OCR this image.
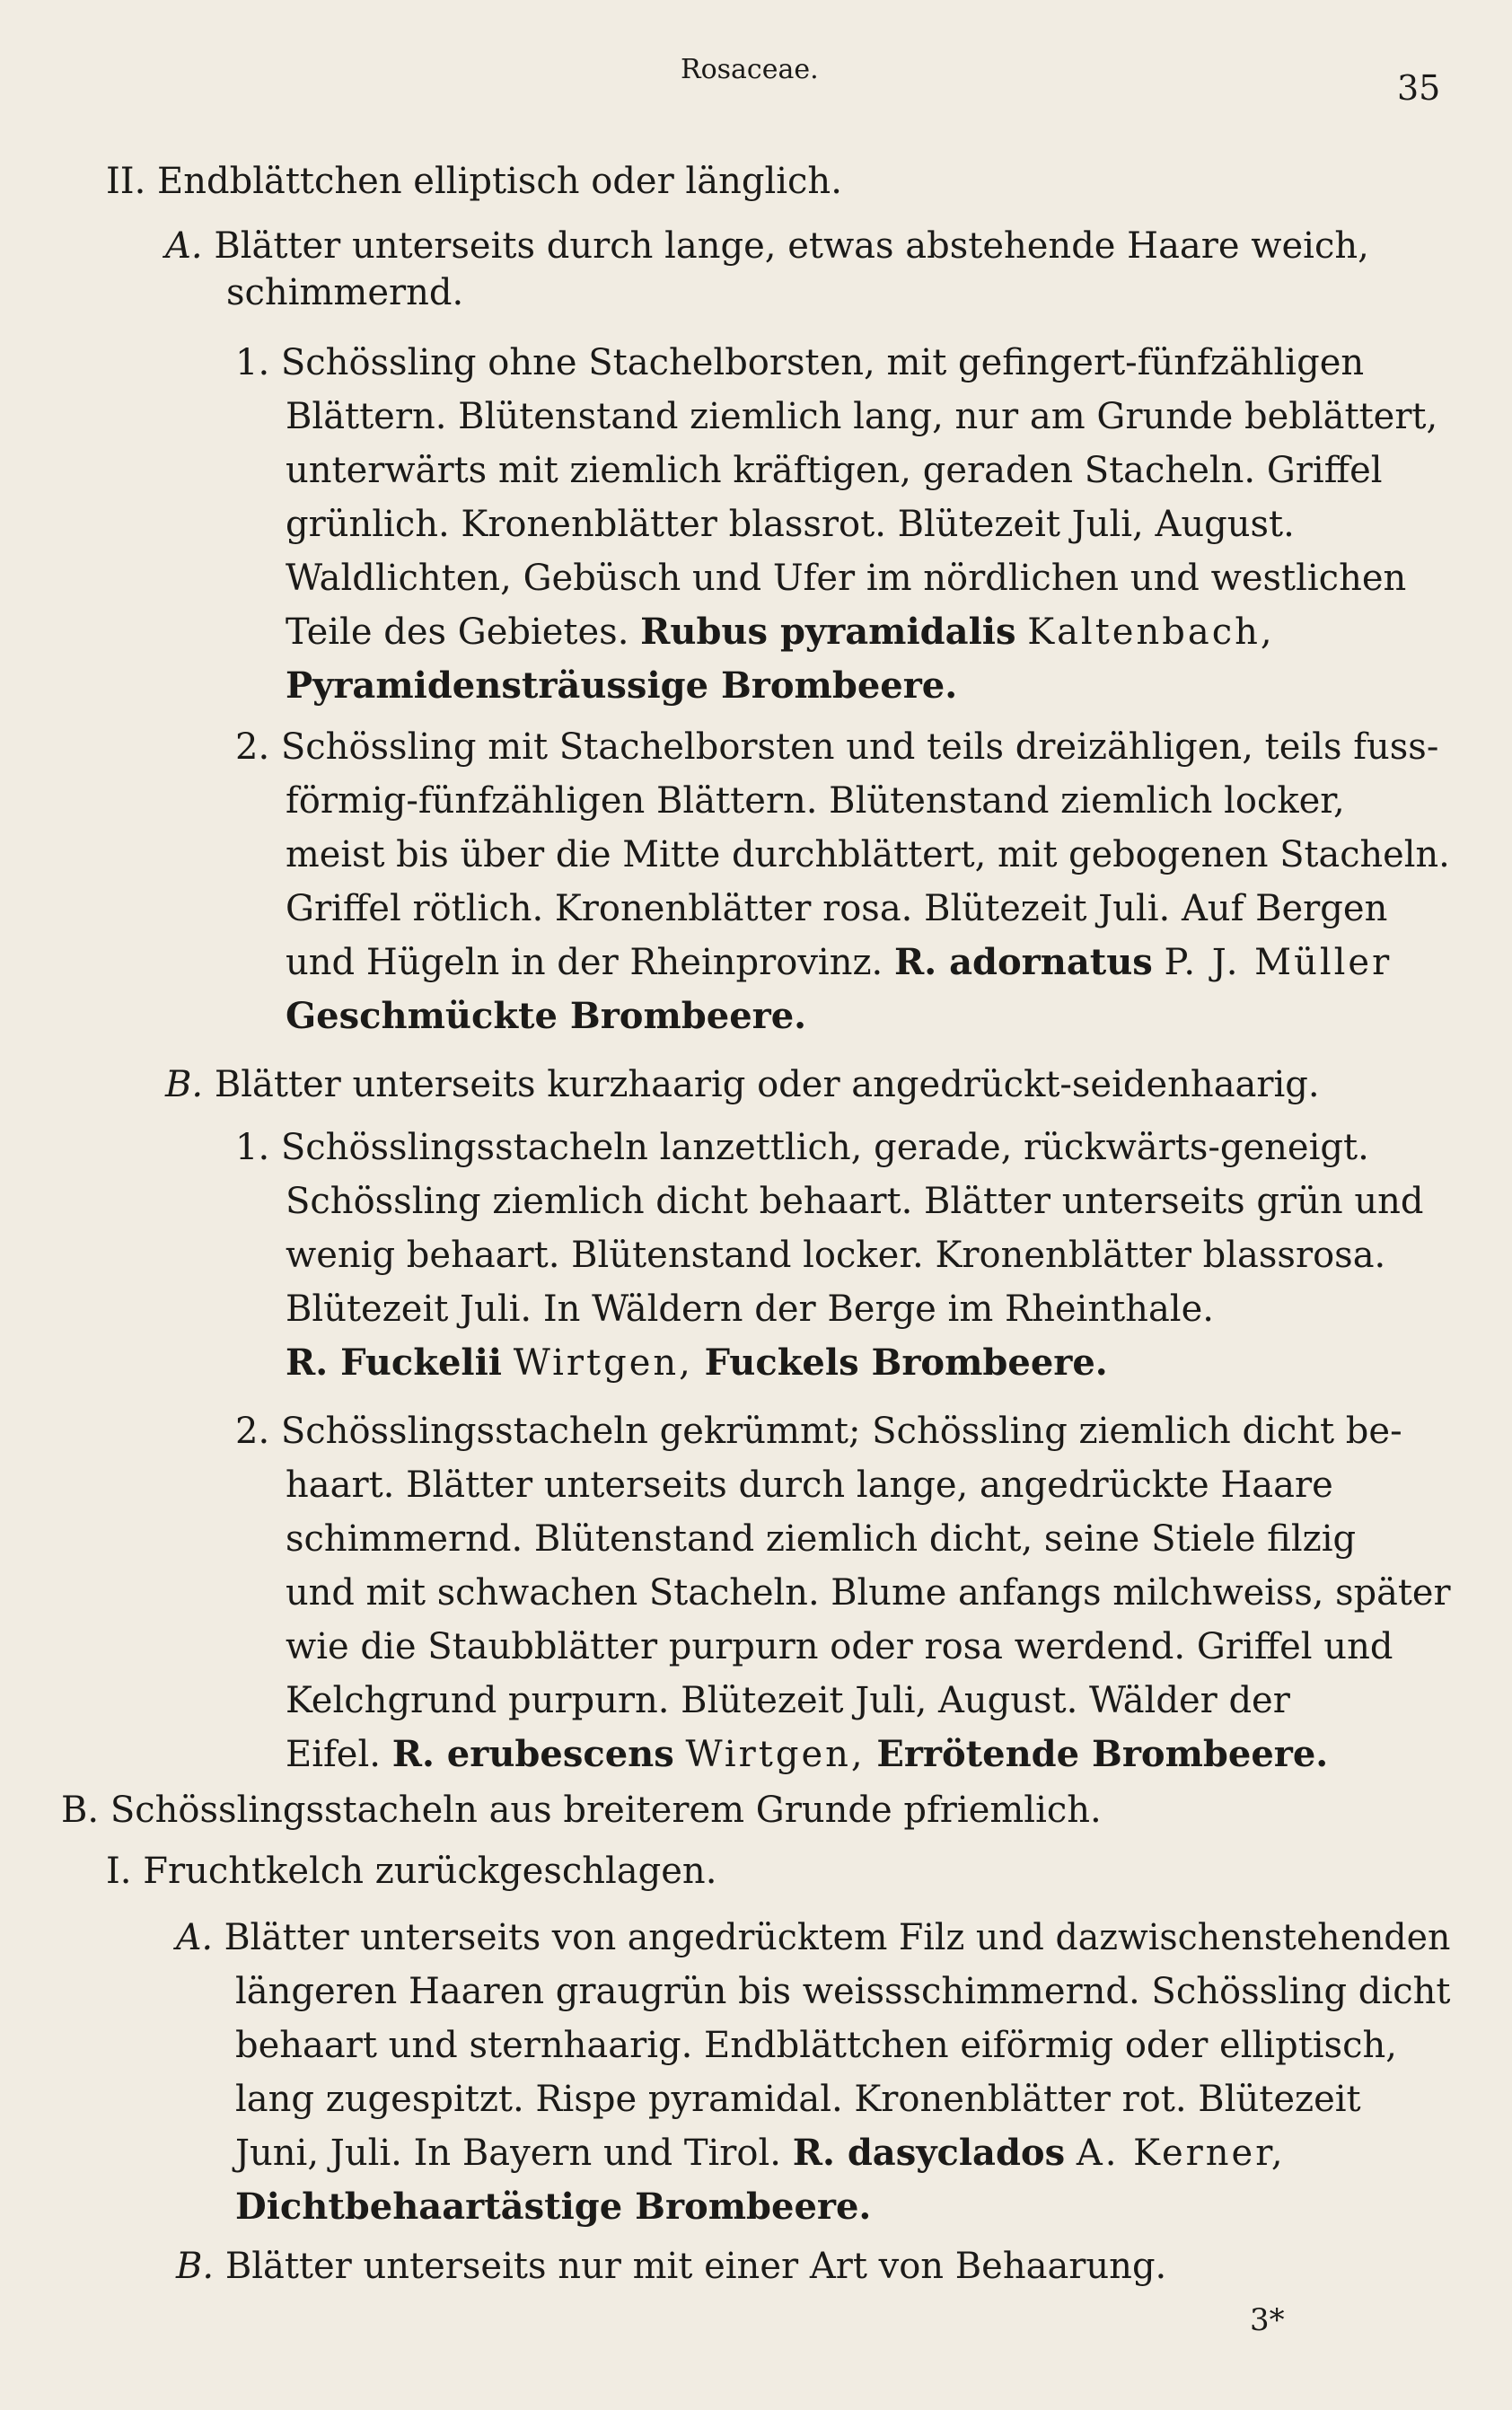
Rosaceae.	35
II. Endblättchen elliptisch oder länglich.
A. Blätter unterseits durch lange, etwas abstehende Haare weich,
schimmernd.
1. Schössling ohne Stachelborsten, mit gefingert-fünfzähligen
Blättern. Blütenstand ziemlich lang, nur am Grunde beblättert,
unterwärts mit ziemlich kräftigen, geraden Stacheln. Griffel
grünlich. Kronenblätter blassrot. Blütezeit Juli, August.
Waldlichten, Gebüsch und Ufer im nördlichen und westlichen
Teile des Gebietes. Rubus pyramidalis Kaltenbach,
Pyramidensträussige Brombeere.
2. Schössling mit Stachelborsten und teils dreizähligen, teils fuss-
förmig-fünfzähligen Blättern. Blütenstand ziemlich locker,
meist bis über die Mitte durchblättert, mit gebogenen Stacheln.
Griffel rötlich. Kronenblätter rosa. Blütezeit Juli. Auf Bergen
und Hügeln in der Rheinprovinz. R. adornatus P. J. Müller
Geschmückte Brombeere.
B. Blätter unterseits kurzhaarig oder angedrückt-seidenhaarig.
1. Schösslingsstacheln lanzettlich, gerade, rückwärts-geneigt.
Schössling ziemlich dicht behaart. Blätter unterseits grün und
wenig behaart. Blütenstand locker. Kronenblätter blassrosa.
Blütezeit Juli. In Wäldern der Berge im Rheinthale.
R. Fuckelii Wirtgen, Fuckels Brombeere.
2. Schösslingsstacheln gekrümmt; Schössling ziemlich dicht be-
haart. Blätter unterseits durch lange, angedrückte Haare
schimmernd. Blütenstand ziemlich dicht, seine Stiele filzig
und mit schwachen Stacheln. Blume anfangs milchweiss, später
wie die Staubblätter purpurn oder rosa werdend. Griffel und
Kelchgrund purpurn. Blütezeit Juli, August. Wälder der
Eifel. R. erubescens Wirtgen, Errötende Brombeere.
B. Schösslingsstacheln aus breiterem Grunde pfriemlich.
I. Fruchtkelch zurückgeschlagen.
A. Blätter unterseits von angedrücktem Filz und dazwischenstehenden
längeren Haaren graugrün bis weissschimmernd. Schössling dicht
behaart und sternhaarig. Endblättchen eiförmig oder elliptisch,
lang zugespitzt. Rispe pyramidal. Kronenblätter rot. Blütezeit
Juni, Juli. In Bayern und Tirol. R. dasyclados A. Kerner,
Dichtbehaartästige Brombeere.
B. Blätter unterseits nur mit einer Art von Behaarung.
3*
